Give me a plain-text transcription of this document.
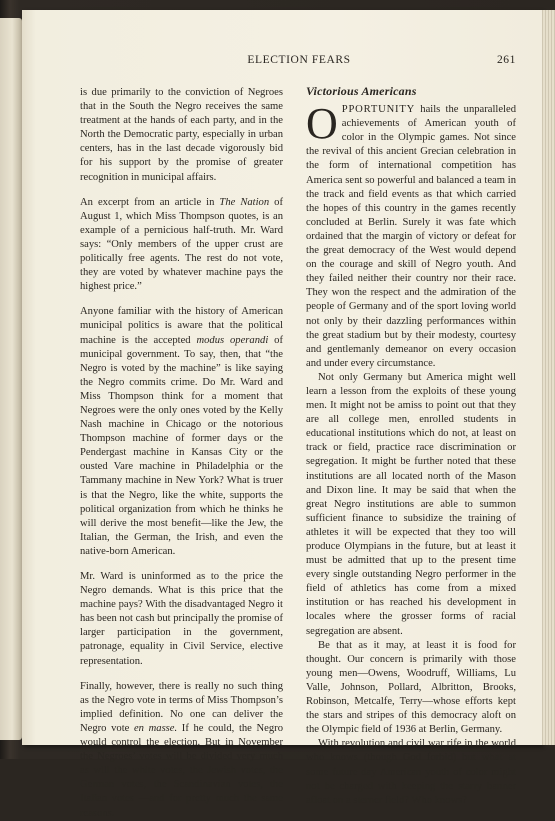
ELECTION FEARS	261

is due primarily to the conviction of Negroes that in the South the Negro receives the same treatment at the hands of each party, and in the North the Democratic party, especially in urban centers, has in the last decade vigorously bid for his support by the promise of greater recognition in municipal affairs.

An excerpt from an article in The Nation of August 1, which Miss Thompson quotes, is an example of a pernicious half-truth. Mr. Ward says: “Only members of the upper crust are politically free agents. The rest do not vote, they are voted by whatever machine pays the highest price.”

Anyone familiar with the history of American municipal politics is aware that the political machine is the accepted modus operandi of municipal government. To say, then, that “the Negro is voted by the machine” is like saying the Negro commits crime. Do Mr. Ward and Miss Thompson think for a moment that Negroes were the only ones voted by the Kelly Nash machine in Chicago or the notorious Thompson machine of former days or the Pendergast machine in Kansas City or the ousted Vare machine in Philadelphia or the Tammany machine in New York? What is truer is that the Negro, like the white, supports the political organization from which he thinks he will derive the most benefit—like the Jew, the Italian, the German, the Irish, and even the native-born American.

Mr. Ward is uninformed as to the price the Negro demands. What is this price that the machine pays? With the disadvantaged Negro it has been not cash but principally the promise of larger participation in the government, patronage, equality in Civil Service, elective representation.

Finally, however, there is really no such thing as the Negro vote in terms of Miss Thompson’s implied definition. No one can deliver the Negro vote en masse. If he could, the Negro would control the election. But in November the Negroes’ votes will be divided very much as will the white votes, the Jewish votes, the German votes, the Scandinavian votes, the Italian votes —and for pretty much the same reasons.

Victorious Americans

OPPORTUNITY hails the unparalleled achievements of American youth of color in the Olympic games. Not since the revival of this ancient Grecian celebration in the form of international competition has America sent so powerful and balanced a team in the track and field events as that which carried the hopes of this country in the games recently concluded at Berlin. Surely it was fate which ordained that the margin of victory or defeat for the great democracy of the West would depend on the courage and skill of Negro youth. And they failed neither their country nor their race. They won the respect and the admiration of the people of Germany and of the sport loving world not only by their dazzling performances within the great stadium but by their modesty, courtesy and gentlemanly demeanor on every occasion and under every circumstance.

Not only Germany but America might well learn a lesson from the exploits of these young men. It might not be amiss to point out that they are all college men, enrolled students in educational institutions which do not, at least on track or field, practice race discrimination or segregation. It might be further noted that these institutions are all located north of the Mason and Dixon line. It may be said that when the great Negro institutions are able to summon sufficient finance to subsidize the training of athletes it will be expected that they too will produce Olympians in the future, but at least it must be admitted that up to the present time every single outstanding Negro performer in the field of athletics has come from a mixed institution or has reached his development in locales where the grosser forms of racial segregation are absent.

Be that as it may, at least it is food for thought. Our concern is primarily with those young men—Owens, Woodruff, Williams, Lu Valle, Johnson, Pollard, Albritton, Brooks, Robinson, Metcalfe, Terry—whose efforts kept the stars and stripes of this democracy aloft on the Olympic field of 1936 at Berlin, Germany.

With revolution and civil war rife in the world who knows (though God forbid) but what at some future day American youth of color might not be charged with keeping the starry banner afloat on a sterner field? Who knows?
